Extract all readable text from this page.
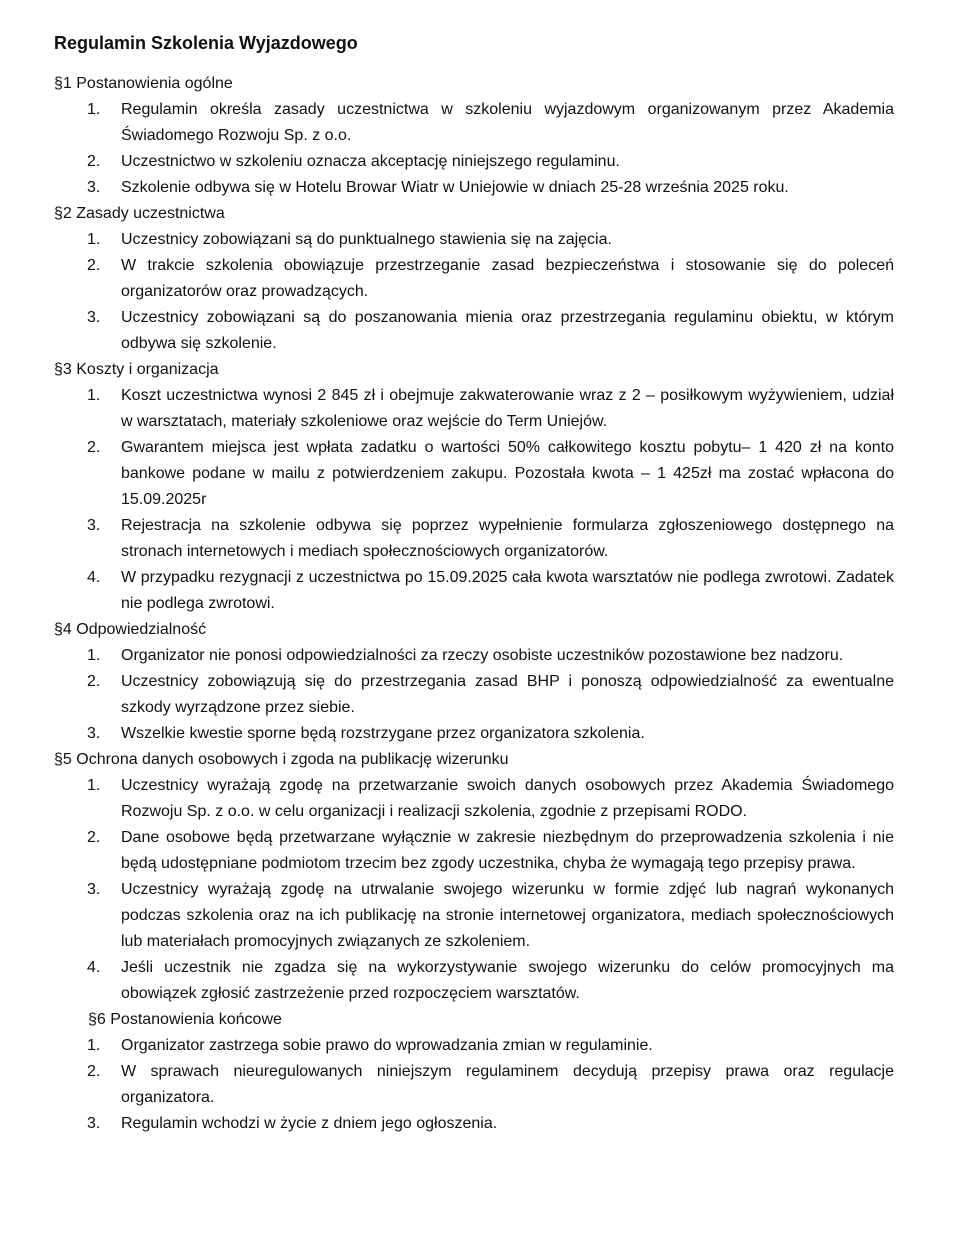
Regulamin Szkolenia Wyjazdowego
§1 Postanowienia ogólne
1.	Regulamin określa zasady uczestnictwa w szkoleniu wyjazdowym organizowanym przez Akademia Świadomego Rozwoju Sp. z o.o.
2.	Uczestnictwo w szkoleniu oznacza akceptację niniejszego regulaminu.
3.	Szkolenie odbywa się w Hotelu Browar Wiatr w Uniejowie w dniach 25-28 września 2025 roku.
§2 Zasady uczestnictwa
1.	Uczestnicy zobowiązani są do punktualnego stawienia się na zajęcia.
2.	W trakcie szkolenia obowiązuje przestrzeganie zasad bezpieczeństwa i stosowanie się do poleceń organizatorów oraz prowadzących.
3.	Uczestnicy zobowiązani są do poszanowania mienia oraz przestrzegania regulaminu obiektu, w którym odbywa się szkolenie.
§3 Koszty i organizacja
1.	Koszt uczestnictwa wynosi 2 845 zł i obejmuje zakwaterowanie wraz z 2 – posiłkowym wyżywieniem, udział w warsztatach, materiały szkoleniowe oraz wejście do Term Uniejów.
2.	Gwarantem miejsca jest wpłata zadatku o wartości 50% całkowitego kosztu pobytu– 1 420 zł na konto bankowe podane w mailu z potwierdzeniem zakupu. Pozostała kwota – 1 425zł ma zostać wpłacona do 15.09.2025r
3.	Rejestracja na szkolenie odbywa się poprzez wypełnienie formularza zgłoszeniowego dostępnego na stronach internetowych i mediach społecznościowych organizatorów.
4.	W przypadku rezygnacji z uczestnictwa po 15.09.2025 cała kwota warsztatów nie podlega zwrotowi. Zadatek nie podlega zwrotowi.
§4 Odpowiedzialność
1.	Organizator nie ponosi odpowiedzialności za rzeczy osobiste uczestników pozostawione bez nadzoru.
2.	Uczestnicy zobowiązują się do przestrzegania zasad BHP i ponoszą odpowiedzialność za ewentualne szkody wyrządzone przez siebie.
3.	Wszelkie kwestie sporne będą rozstrzygane przez organizatora szkolenia.
§5 Ochrona danych osobowych i zgoda na publikację wizerunku
1.	Uczestnicy wyrażają zgodę na przetwarzanie swoich danych osobowych przez Akademia Świadomego Rozwoju Sp. z o.o. w celu organizacji i realizacji szkolenia, zgodnie z przepisami RODO.
2.	Dane osobowe będą przetwarzane wyłącznie w zakresie niezbędnym do przeprowadzenia szkolenia i nie będą udostępniane podmiotom trzecim bez zgody uczestnika, chyba że wymagają tego przepisy prawa.
3.	Uczestnicy wyrażają zgodę na utrwalanie swojego wizerunku w formie zdjęć lub nagrań wykonanych podczas szkolenia oraz na ich publikację na stronie internetowej organizatora, mediach społecznościowych lub materiałach promocyjnych związanych ze szkoleniem.
4.	Jeśli uczestnik nie zgadza się na wykorzystywanie swojego wizerunku do celów promocyjnych ma obowiązek zgłosić zastrzeżenie przed rozpoczęciem warsztatów.
§6 Postanowienia końcowe
1.	Organizator zastrzega sobie prawo do wprowadzania zmian w regulaminie.
2.	W sprawach nieuregulowanych niniejszym regulaminem decydują przepisy prawa oraz regulacje organizatora.
3.	Regulamin wchodzi w życie z dniem jego ogłoszenia.
